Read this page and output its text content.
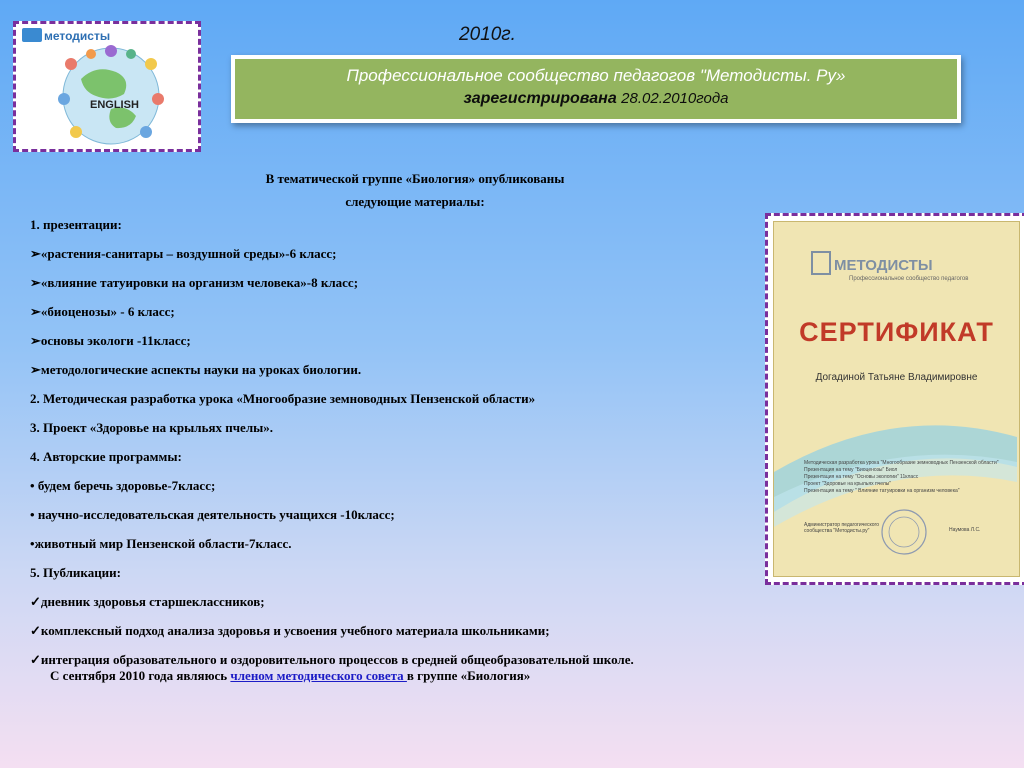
2010г.
методисты
ENGLISH
Профессиональное сообщество педагогов "Методисты. Ру»
зарегистрирована 28.02.2010года
В тематической группе «Биология» опубликованы
следующие материалы:
1. презентации:
➢«растения-санитары – воздушной среды»-6 класс;
➢«влияние татуировки на организм человека»-8 класс;
➢«биоценозы» - 6 класс;
➢основы экологи -11класс;
➢методологические аспекты науки на уроках биологии.
2. Методическая разработка урока «Многообразие земноводных Пензенской области»
3. Проект «Здоровье на крыльях пчелы».
4. Авторские программы:
• будем беречь здоровье-7класс;
• научно-исследовательская деятельность учащихся -10класс;
•животный мир Пензенской области-7класс.
5. Публикации:
✓дневник здоровья старшеклассников;
✓комплексный подход анализа здоровья и усвоения учебного материала школьниками;
✓интеграция образовательного и оздоровительного процессов в средней общеобразовательной школе.
С сентября 2010 года являюсь членом методического совета в группе «Биология»
МЕТОДИСТЫ
Профессиональное сообщество педагогов
СЕРТИФИКАТ
Догадиной Татьяне Владимировне
Методическая разработка урока "Многообразие земноводных Пензенской области"
Презентация на тему "Биоценозы" Биол
Презентация на тему "Основы экологии" 11класс
Проект "Здоровье на крыльях пчелы"
Презентация на тему " Влияние татуировки на организм человека"
Администратор педагогического сообщества "Методисты.ру"	Наумова Л.С.
